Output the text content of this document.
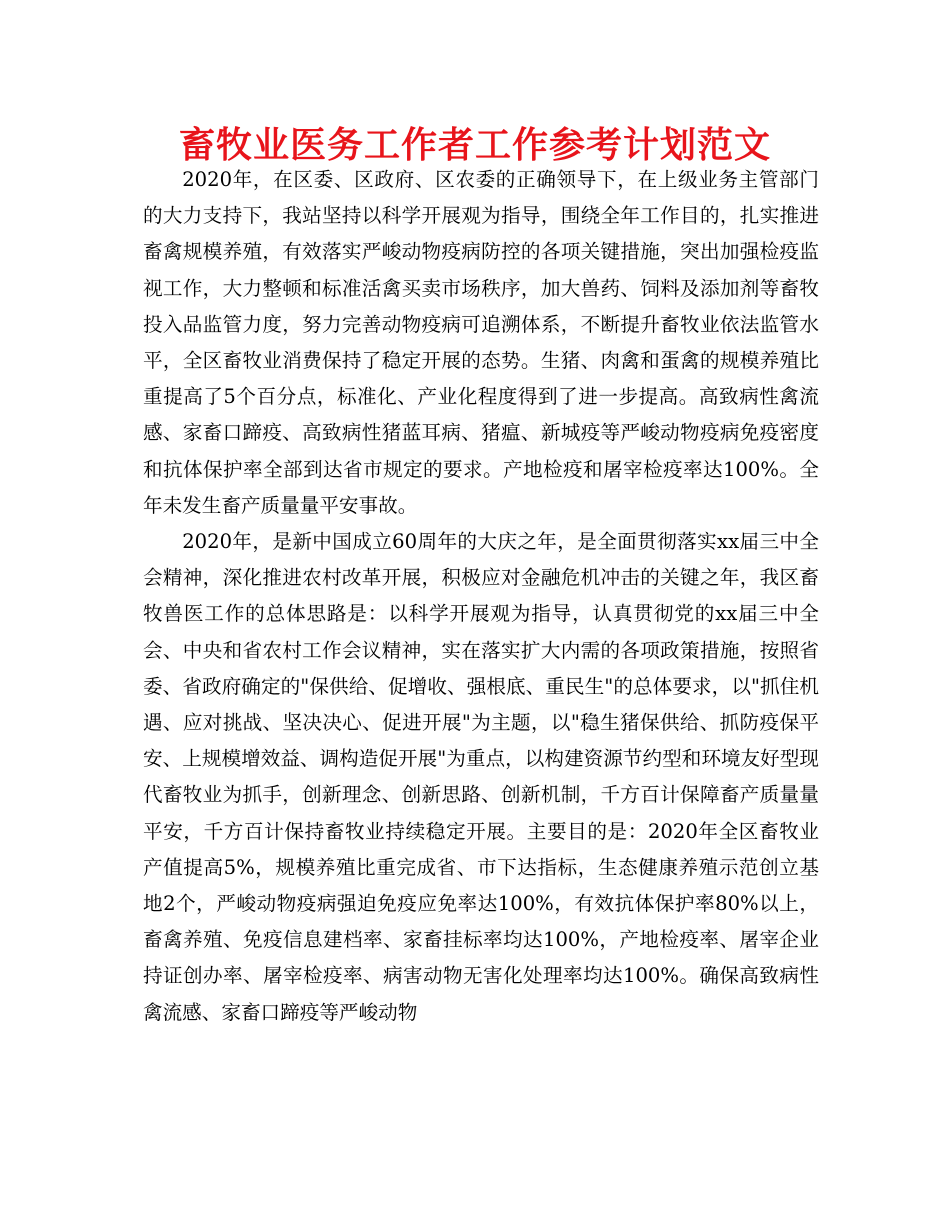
畜牧业医务工作者工作参考计划范文

2020年，在区委、区政府、区农委的正确领导下，在上级业务主管部门的大力支持下，我站坚持以科学开展观为指导，围绕全年工作目的，扎实推进畜禽规模养殖，有效落实严峻动物疫病防控的各项关键措施，突出加强检疫监视工作，大力整顿和标准活禽买卖市场秩序，加大兽药、饲料及添加剂等畜牧投入品监管力度，努力完善动物疫病可追溯体系，不断提升畜牧业依法监管水平，全区畜牧业消费保持了稳定开展的态势。生猪、肉禽和蛋禽的规模养殖比重提高了5个百分点，标准化、产业化程度得到了进一步提高。高致病性禽流感、家畜口蹄疫、高致病性猪蓝耳病、猪瘟、新城疫等严峻动物疫病免疫密度和抗体保护率全部到达省市规定的要求。产地检疫和屠宰检疫率达100%。全年未发生畜产质量量平安事故。

2020年，是新中国成立60周年的大庆之年，是全面贯彻落实xx届三中全会精神，深化推进农村改革开展，积极应对金融危机冲击的关键之年，我区畜牧兽医工作的总体思路是：以科学开展观为指导，认真贯彻党的xx届三中全会、中央和省农村工作会议精神，实在落实扩大内需的各项政策措施，按照省委、省政府确定的"保供给、促增收、强根底、重民生"的总体要求，以"抓住机遇、应对挑战、坚决决心、促进开展"为主题，以"稳生猪保供给、抓防疫保平安、上规模增效益、调构造促开展"为重点，以构建资源节约型和环境友好型现代畜牧业为抓手，创新理念、创新思路、创新机制，千方百计保障畜产质量量平安，千方百计保持畜牧业持续稳定开展。主要目的是：2020年全区畜牧业产值提高5%，规模养殖比重完成省、市下达指标，生态健康养殖示范创立基地2个，严峻动物疫病强迫免疫应免率达100%，有效抗体保护率80%以上，畜禽养殖、免疫信息建档率、家畜挂标率均达100%，产地检疫率、屠宰企业持证创办率、屠宰检疫率、病害动物无害化处理率均达100%。确保高致病性禽流感、家畜口蹄疫等严峻动物
